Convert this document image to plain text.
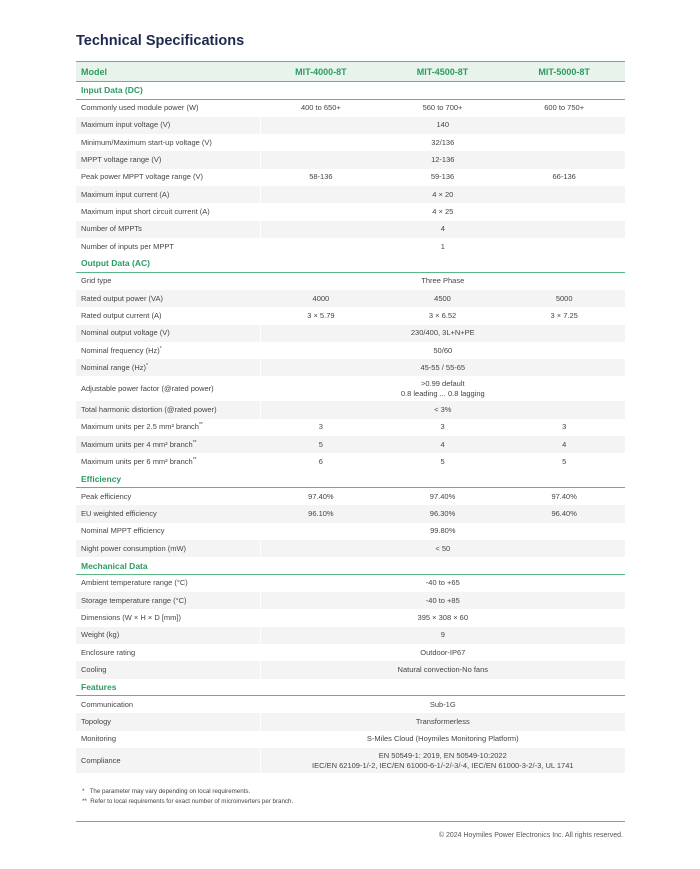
Technical Specifications
Model	MIT-4000-8T	MIT-4500-8T	MIT-5000-8T
Input Data (DC)			
Commonly used module power (W)	400 to 650+	560 to 700+	600 to 750+
Maximum input voltage (V)	140		
Minimum/Maximum start-up voltage (V)	32/136		
MPPT voltage range (V)	12-136		
Peak power MPPT voltage range (V)	58-136	59-136	66-136
Maximum input current (A)	4 × 20		
Maximum input short circuit current (A)	4 × 25		
Number of MPPTs	4		
Number of inputs per MPPT	1		
Output Data (AC)			
Grid type	Three Phase		
Rated output power (VA)	4000	4500	5000
Rated output current (A)	3 × 5.79	3 × 6.52	3 × 7.25
Nominal output voltage (V)	230/400, 3L+N+PE		
Nominal frequency (Hz)*	50/60		
Nominal range (Hz)*	45-55 / 55-65		
Adjustable power factor (@rated power)	>0.99 default
0.8 leading ... 0.8 lagging		

Total harmonic distortion (@rated power)	< 3%		
Maximum units per 2.5 mm² branch**	3	3	3
Maximum units per 4 mm² branch**	5	4	4
Maximum units per 6 mm² branch**	6	5	5
Efficiency			
Peak efficiency	97.40%	97.40%	97.40%
EU weighted efficiency	96.10%	96.30%	96.40%
Nominal MPPT efficiency	99.80%		
Night power consumption (mW)	< 50		
Mechanical Data			
Ambient temperature range (°C)	-40 to +65		
Storage temperature range (°C)	-40 to +85		
Dimensions (W × H × D [mm])	395 × 308 × 60		
Weight (kg)	9		
Enclosure rating	Outdoor-IP67		
Cooling	Natural convection-No fans		
Features			
Communication	Sub-1G		
Topology	Transformerless		
Monitoring	S-Miles Cloud (Hoymiles Monitoring Platform)		
Compliance	EN 50549-1: 2019, EN 50549-10:2022
IEC/EN 62109-1/-2, IEC/EN 61000-6-1/-2/-3/-4, IEC/EN 61000-3-2/-3, UL 1741		

* The parameter may vary depending on local requirements.

** Refer to local requirements for exact number of microinverters per branch.

© 2024 Hoymiles Power Electronics Inc. All rights reserved.
